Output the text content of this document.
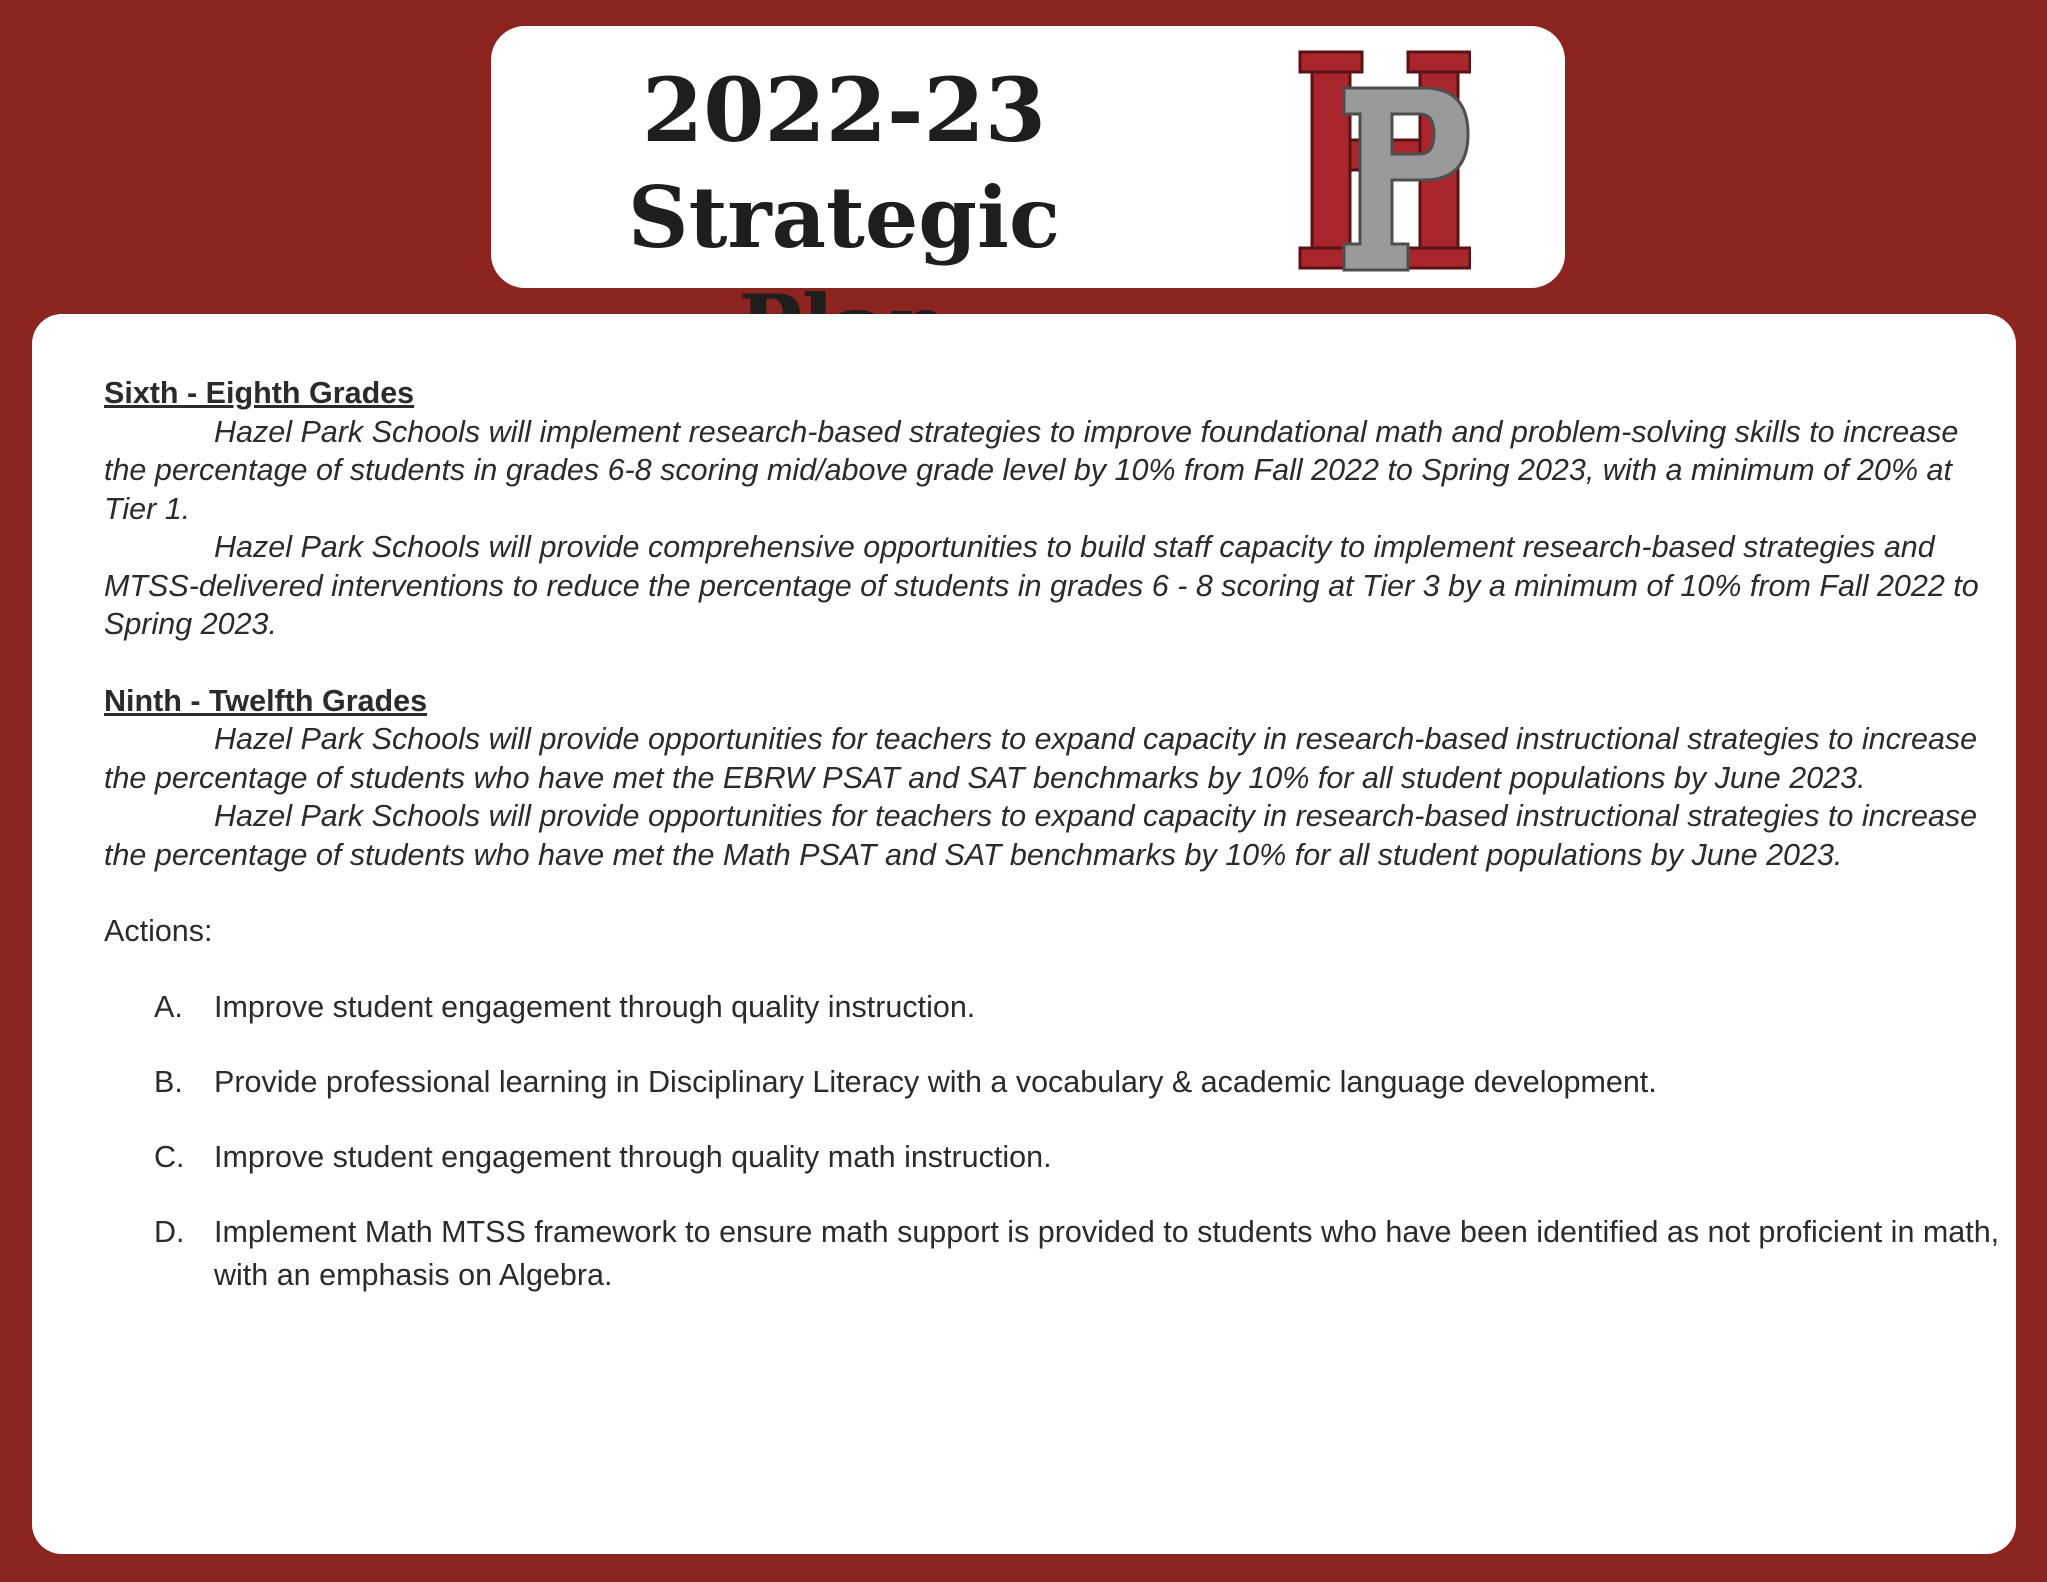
2022-23
Strategic
Sixth - Eighth Grades

Hazel Park Schools will implement research-based strategies to improve foundational math and problem-solving skills to increase the percentage of students in grades 6-8 scoring mid/above grade level by 10% from Fall 2022 to Spring 2023, with a minimum of 20% at Tier 1.

Hazel Park Schools will provide comprehensive opportunities to build staff capacity to implement research-based strategies and MTSS-delivered interventions to reduce the percentage of students in grades 6 - 8 scoring at Tier 3 by a minimum of 10% from Fall 2022 to Spring 2023.

Ninth - Twelfth Grades

Hazel Park Schools will provide opportunities for teachers to expand capacity in research-based instructional strategies to increase the percentage of students who have met the EBRW PSAT and SAT benchmarks by 10% for all student populations by June 2023.

Hazel Park Schools will provide opportunities for teachers to expand capacity in research-based instructional strategies to increase the percentage of students who have met the Math PSAT and SAT benchmarks by 10% for all student populations by June 2023.

Actions:

A.	Improve student engagement through quality instruction.
B.	Provide professional learning in Disciplinary Literacy with a vocabulary & academic language development.
C. Improve student engagement through quality math instruction.
D. Implement Math MTSS framework to ensure math support is provided to students who have been identified as not proficient in math, with an emphasis on Algebra.
